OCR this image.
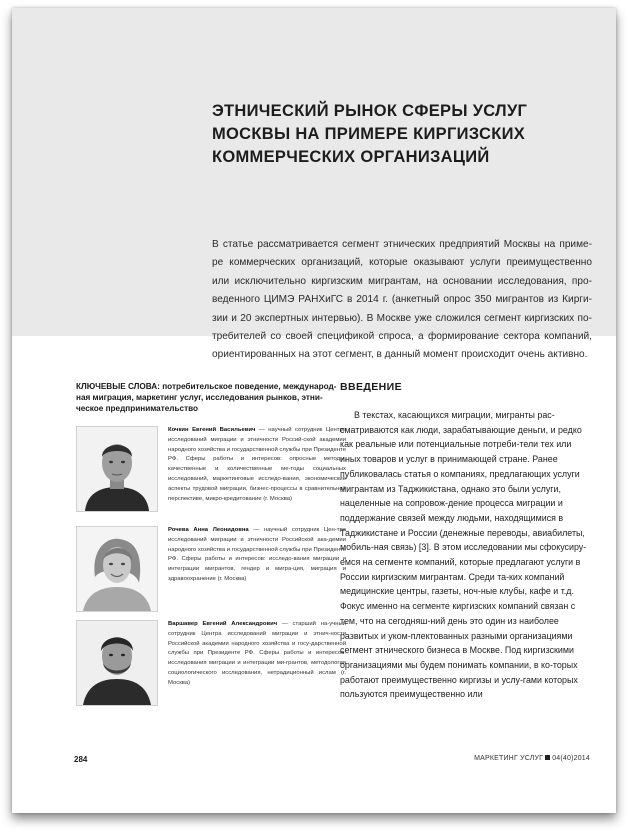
ЭТНИЧЕСКИЙ РЫНОК СФЕРЫ УСЛУГ МОСКВЫ НА ПРИМЕРЕ КИРГИЗСКИХ КОММЕРЧЕСКИХ ОРГАНИЗАЦИЙ

В статье рассматривается сегмент этнических предприятий Москвы на приме-ре коммерческих организаций, которые оказывают услуги преимущественно или исключительно киргизским мигрантам, на основании исследования, про-веденного ЦИМЭ РАНХиГС в 2014 г. (анкетный опрос 350 мигрантов из Кирги-зии и 20 экспертных интервью). В Москве уже сложился сегмент киргизских по-требителей со своей спецификой спроса, а формирование сектора компаний, ориентированных на этот сегмент, в данный момент происходит очень активно.

КЛЮЧЕВЫЕ СЛОВА: потребительское поведение, международ-ная миграция, маркетинг услуг, исследования рынков, этни-ческое предпринимательство

Кочкин Евгений Васильевич — научный сотрудник Центра исследований миграции и этничности Россий-ской академии народного хозяйства и государственной службы при Президенте РФ. Сферы работы и интересов: опросные методы, качественные и количественные ме-тоды социальных исследований, маркетинговые исследо-вания, экономические аспекты трудовой миграции, бизнес-процессы в сравнительной перспективе, микро-кредитование (г. Москва)

Рочева Анна Леонидовна — научный сотрудник Цен-тра исследований миграции и этничности Российской ака-демии народного хозяйства и государственной службы при Президенте РФ. Сферы работы и интересов: исследо-вания миграции и интеграции мигрантов, гендер и мигра-ция, миграция и здравоохранение (г. Москва)

Варшавер Евгений Александрович — старший на-учный сотрудник Центра исследований миграции и этнич-ности Российской академии народного хозяйства и госу-дарственной службы при Президенте РФ. Сферы работы и интересов: исследования миграции и интеграции ми-грантов, методология социологического исследования, нетрадиционный ислам (г. Москва)

ВВЕДЕНИЕ

В текстах, касающихся миграции, мигранты рас-сматриваются как люди, зарабатывающие деньги, и редко как реальные или потенциальные потреби-тели тех или иных товаров и услуг в принимающей стране. Ранее публиковалась статья о компаниях, предлагающих услуги мигрантам из Таджикистана, однако это были услуги, нацеленные на сопровож-дение процесса миграции и поддержание связей между людьми, находящимися в Таджикистане и России (денежные переводы, авиабилеты, мобиль-ная связь) [3]. В этом исследовании мы сфокусиру-емся на сегменте компаний, которые предлагают услуги в России киргизским мигрантам. Среди та-ких компаний медицинские центры, газеты, ноч-ные клубы, кафе и т.д. Фокус именно на сегменте киргизских компаний связан с тем, что на сегодняш-ний день это один из наиболее развитых и уком-плектованных разными организациями сегмент этнического бизнеса в Москве. Под киргизскими организациями мы будем понимать компании, в ко-торых работают преимущественно киргизы и услу-гами которых пользуются преимущественно или

284	МАРКЕТИНГ УСЛУГ 04(40)2014
